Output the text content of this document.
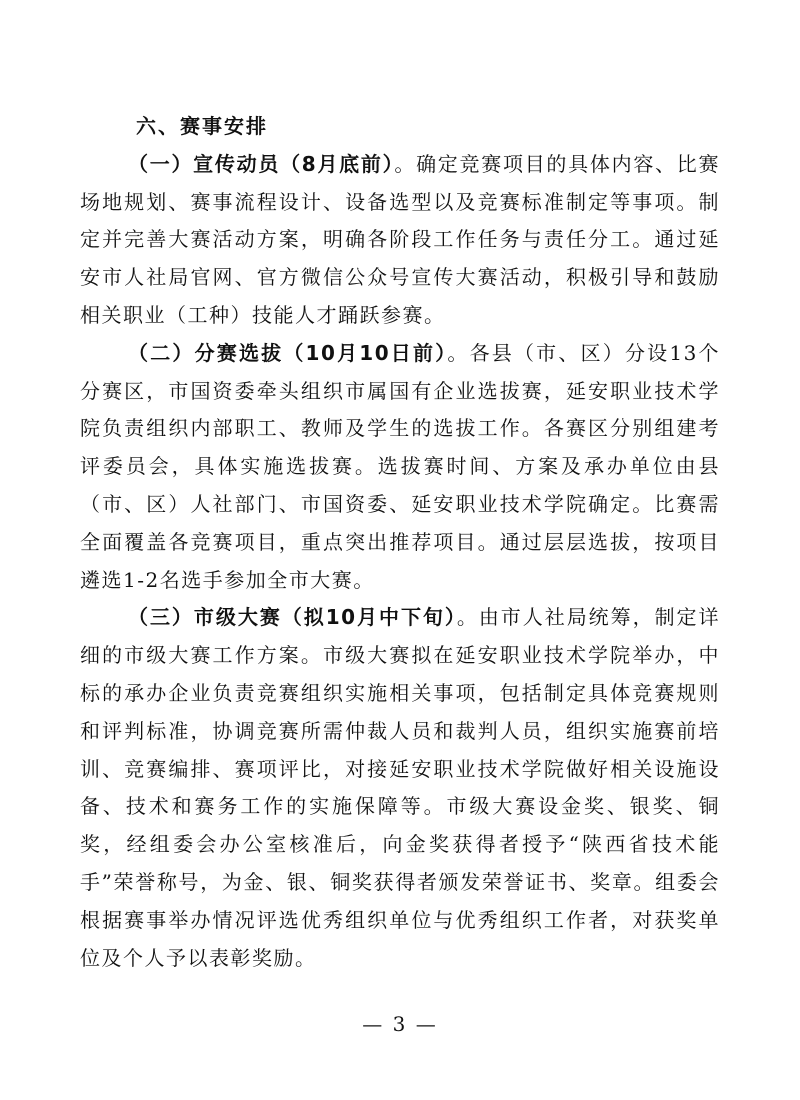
六、赛事安排

（一）宣传动员（8月底前）。确定竞赛项目的具体内容、比赛场地规划、赛事流程设计、设备选型以及竞赛标准制定等事项。制定并完善大赛活动方案，明确各阶段工作任务与责任分工。通过延安市人社局官网、官方微信公众号宣传大赛活动，积极引导和鼓励相关职业（工种）技能人才踊跃参赛。

（二）分赛选拔（10月10日前）。各县（市、区）分设13个分赛区，市国资委牵头组织市属国有企业选拔赛，延安职业技术学院负责组织内部职工、教师及学生的选拔工作。各赛区分别组建考评委员会，具体实施选拔赛。选拔赛时间、方案及承办单位由县（市、区）人社部门、市国资委、延安职业技术学院确定。比赛需全面覆盖各竞赛项目，重点突出推荐项目。通过层层选拔，按项目遴选1-2名选手参加全市大赛。

（三）市级大赛（拟10月中下旬）。由市人社局统筹，制定详细的市级大赛工作方案。市级大赛拟在延安职业技术学院举办，中标的承办企业负责竞赛组织实施相关事项，包括制定具体竞赛规则和评判标准，协调竞赛所需仲裁人员和裁判人员，组织实施赛前培训、竞赛编排、赛项评比，对接延安职业技术学院做好相关设施设备、技术和赛务工作的实施保障等。市级大赛设金奖、银奖、铜奖，经组委会办公室核准后，向金奖获得者授予“陕西省技术能手”荣誉称号，为金、银、铜奖获得者颁发荣誉证书、奖章。组委会根据赛事举办情况评选优秀组织单位与优秀组织工作者，对获奖单位及个人予以表彰奖励。

— 3 —
